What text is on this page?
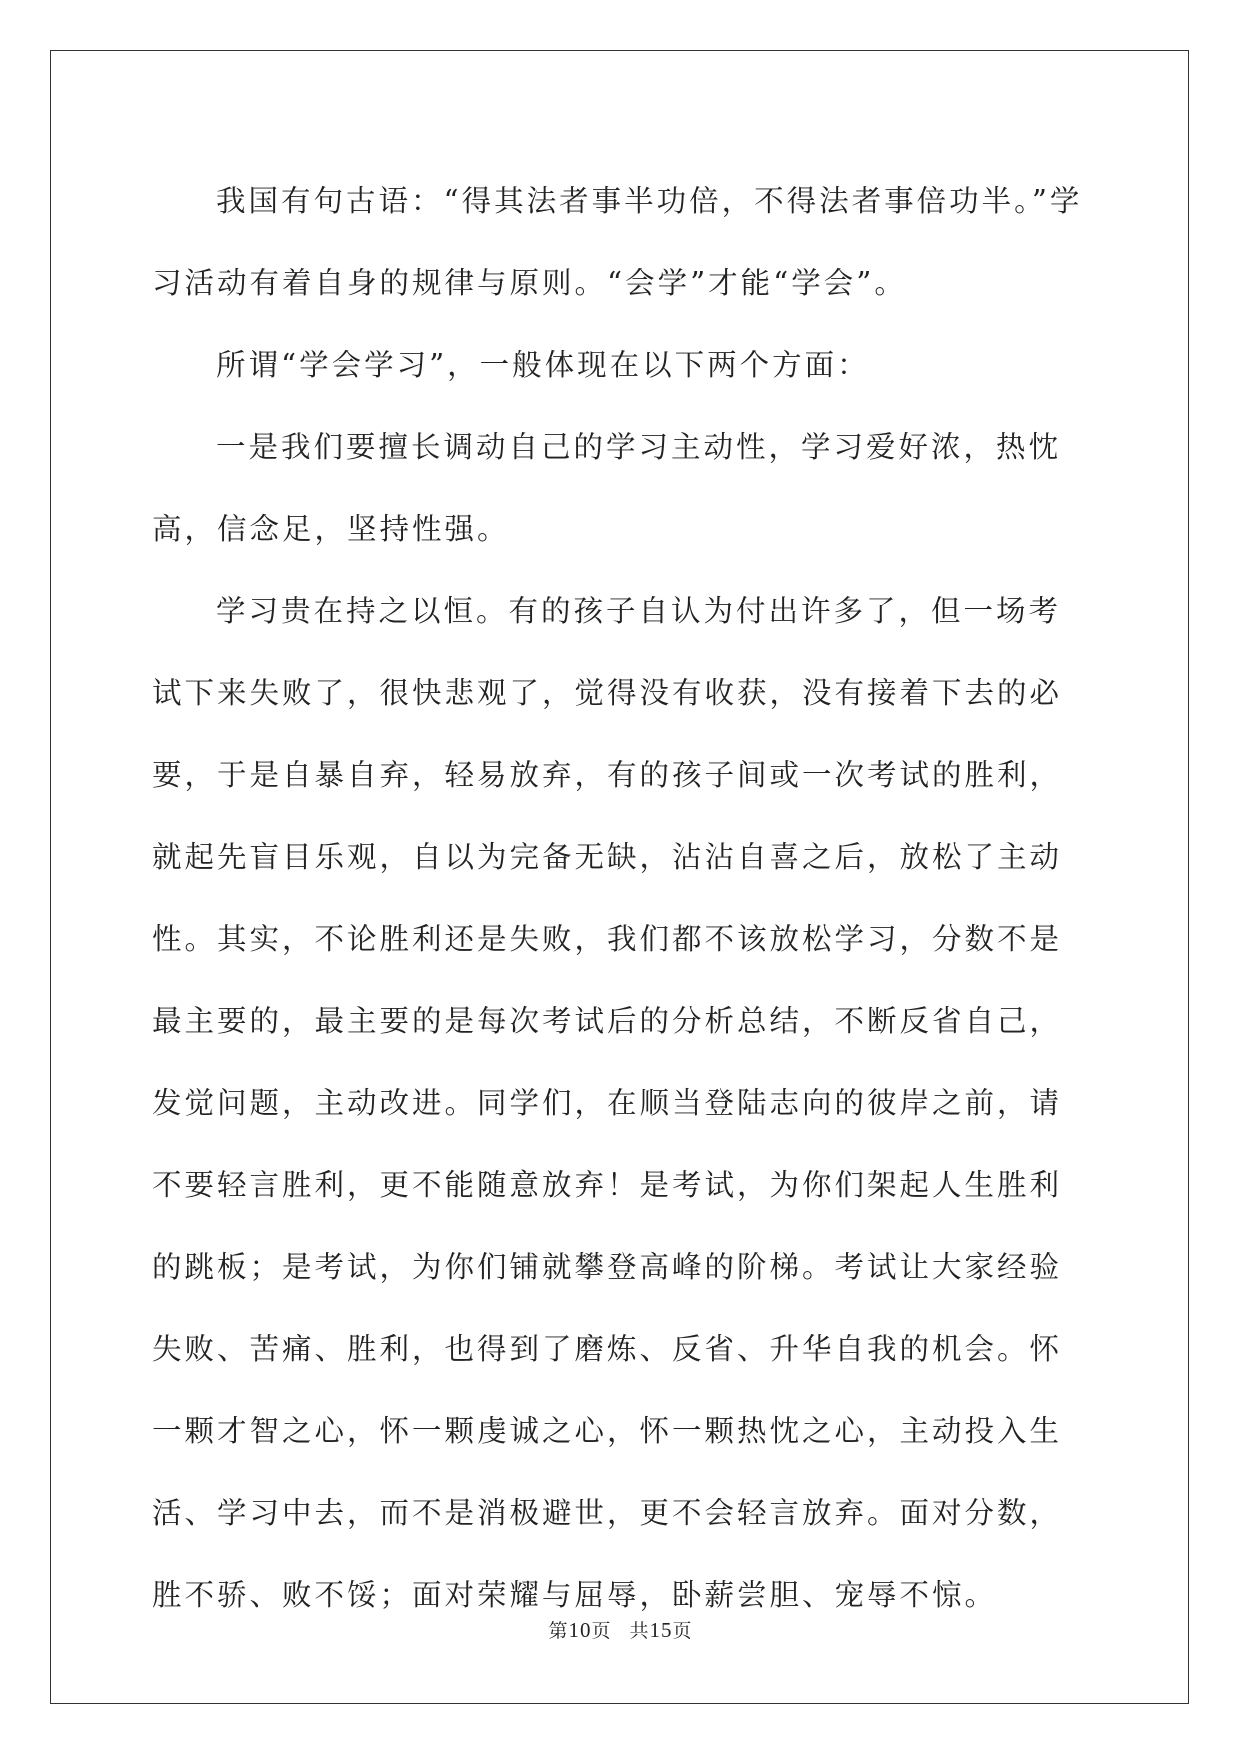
我国有句古语：“得其法者事半功倍，不得法者事倍功半。”学习活动有着自身的规律与原则。“会学”才能“学会”。

所谓“学会学习”，一般体现在以下两个方面：

一是我们要擅长调动自己的学习主动性，学习爱好浓，热忱高，信念足，坚持性强。

学习贵在持之以恒。有的孩子自认为付出许多了，但一场考试下来失败了，很快悲观了，觉得没有收获，没有接着下去的必要，于是自暴自弃，轻易放弃，有的孩子间或一次考试的胜利，就起先盲目乐观，自以为完备无缺，沾沾自喜之后，放松了主动性。其实，不论胜利还是失败，我们都不该放松学习，分数不是最主要的，最主要的是每次考试后的分析总结，不断反省自己，发觉问题，主动改进。同学们，在顺当登陆志向的彼岸之前，请不要轻言胜利，更不能随意放弃！是考试，为你们架起人生胜利的跳板；是考试，为你们铺就攀登高峰的阶梯。考试让大家经验失败、苦痛、胜利，也得到了磨炼、反省、升华自我的机会。怀一颗才智之心，怀一颗虔诚之心，怀一颗热忱之心，主动投入生活、学习中去，而不是消极避世，更不会轻言放弃。面对分数，胜不骄、败不馁；面对荣耀与屈辱，卧薪尝胆、宠辱不惊。

第10页 共15页
